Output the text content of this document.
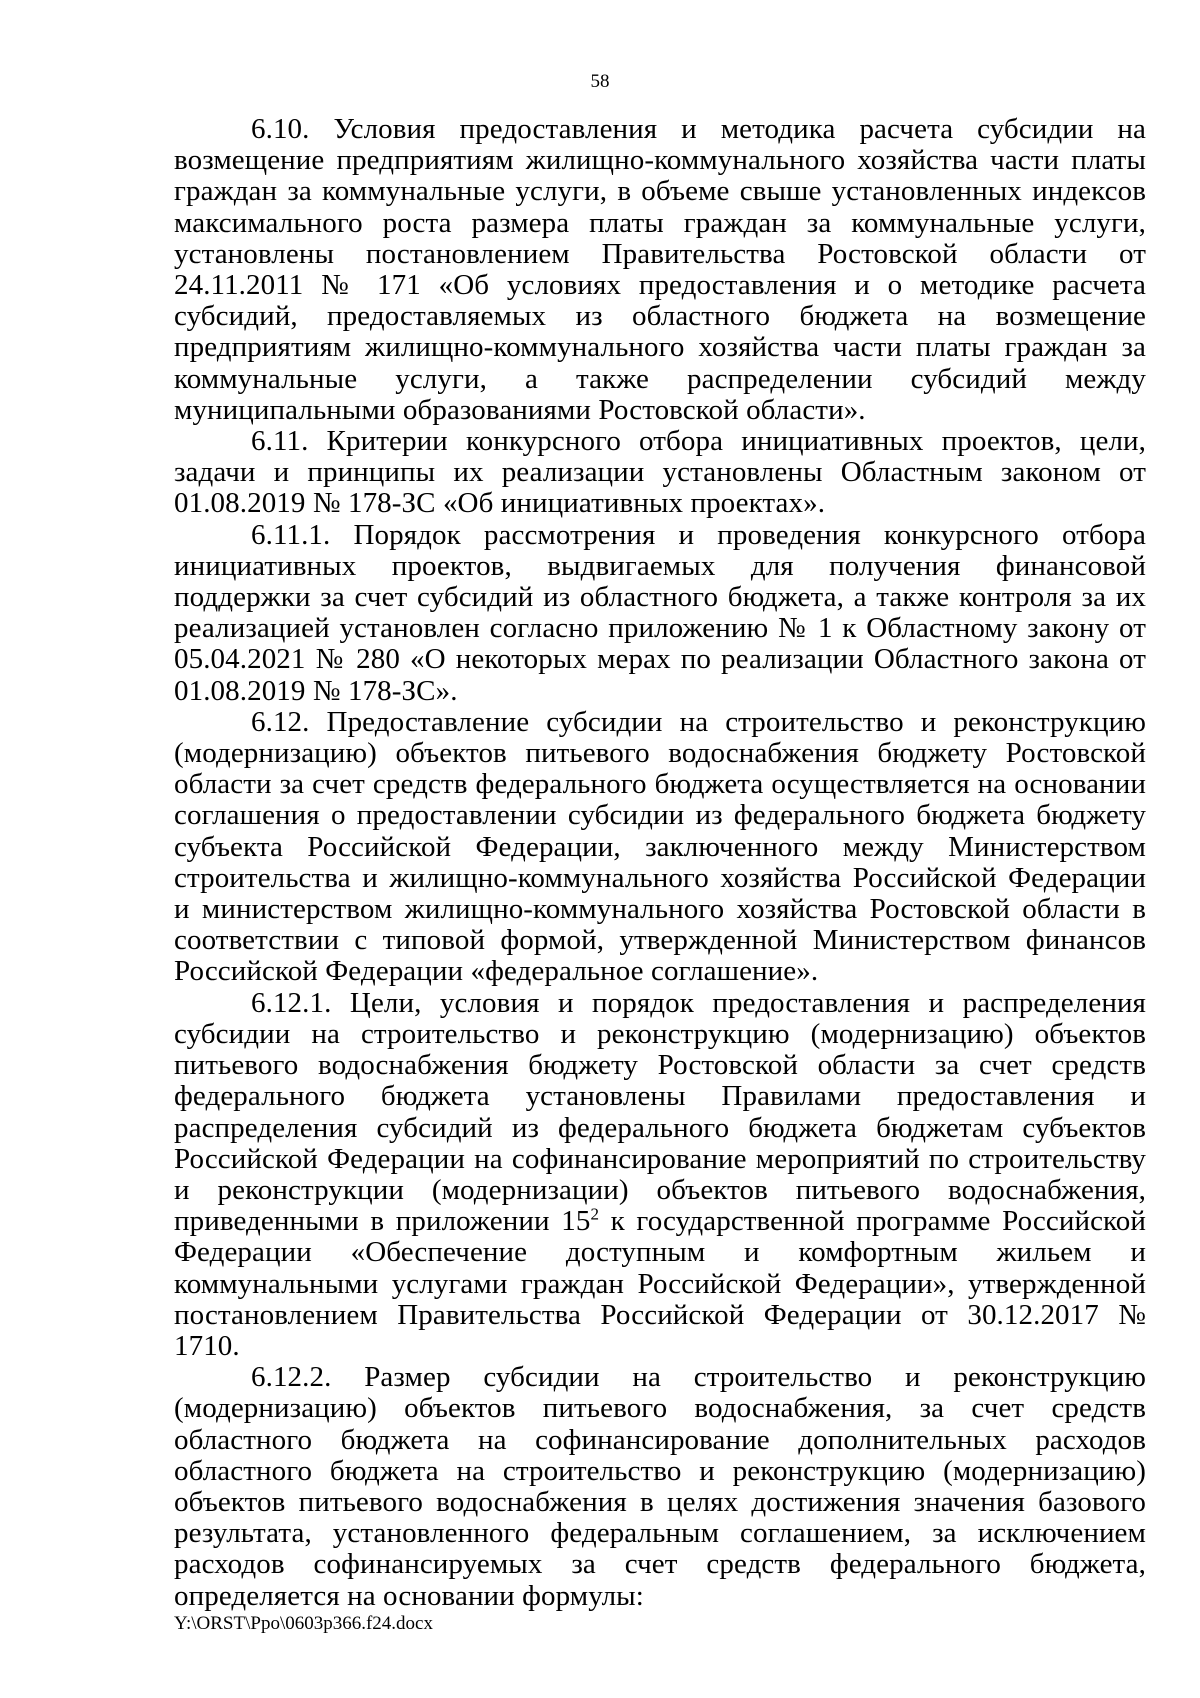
58

6.10. Условия предоставления и методика расчета субсидии на возмещение предприятиям жилищно-коммунального хозяйства части платы граждан за коммунальные услуги, в объеме свыше установленных индексов максимального роста размера платы граждан за коммунальные услуги, установлены постановлением Правительства Ростовской области от 24.11.2011 № 171 «Об условиях предоставления и о методике расчета субсидий, предоставляемых из областного бюджета на возмещение предприятиям жилищно-коммунального хозяйства части платы граждан за коммунальные услуги, а также распределении субсидий между муниципальными образованиями Ростовской области».

6.11. Критерии конкурсного отбора инициативных проектов, цели, задачи и принципы их реализации установлены Областным законом от 01.08.2019 № 178-ЗС «Об инициативных проектах».

6.11.1. Порядок рассмотрения и проведения конкурсного отбора инициативных проектов, выдвигаемых для получения финансовой поддержки за счет субсидий из областного бюджета, а также контроля за их реализацией установлен согласно приложению № 1 к Областному закону от 05.04.2021 № 280 «О некоторых мерах по реализации Областного закона от 01.08.2019 № 178-ЗС».

6.12. Предоставление субсидии на строительство и реконструкцию (модернизацию) объектов питьевого водоснабжения бюджету Ростовской области за счет средств федерального бюджета осуществляется на основании соглашения о предоставлении субсидии из федерального бюджета бюджету субъекта Российской Федерации, заключенного между Министерством строительства и жилищно-коммунального хозяйства Российской Федерации и министерством жилищно-коммунального хозяйства Ростовской области в соответствии с типовой формой, утвержденной Министерством финансов Российской Федерации «федеральное соглашение».

6.12.1. Цели, условия и порядок предоставления и распределения субсидии на строительство и реконструкцию (модернизацию) объектов питьевого водоснабжения бюджету Ростовской области за счет средств федерального бюджета установлены Правилами предоставления и распределения субсидий из федерального бюджета бюджетам субъектов Российской Федерации на софинансирование мероприятий по строительству и реконструкции (модернизации) объектов питьевого водоснабжения, приведенными в приложении $15^2$ к государственной программе Российской Федерации «Обеспечение доступным и комфортным жильем и коммунальными услугами граждан Российской Федерации», утвержденной постановлением Правительства Российской Федерации от 30.12.2017 № 1710.

6.12.2. Размер субсидии на строительство и реконструкцию (модернизацию) объектов питьевого водоснабжения, за счет средств областного бюджета на софинансирование дополнительных расходов областного бюджета на строительство и реконструкцию (модернизацию) объектов питьевого водоснабжения в целях достижения значения базового результата, установленного федеральным соглашением, за исключением расходов софинансируемых за счет средств федерального бюджета, определяется на основании формулы:

Y:\ORST\Ppo\0603p366.f24.docx
